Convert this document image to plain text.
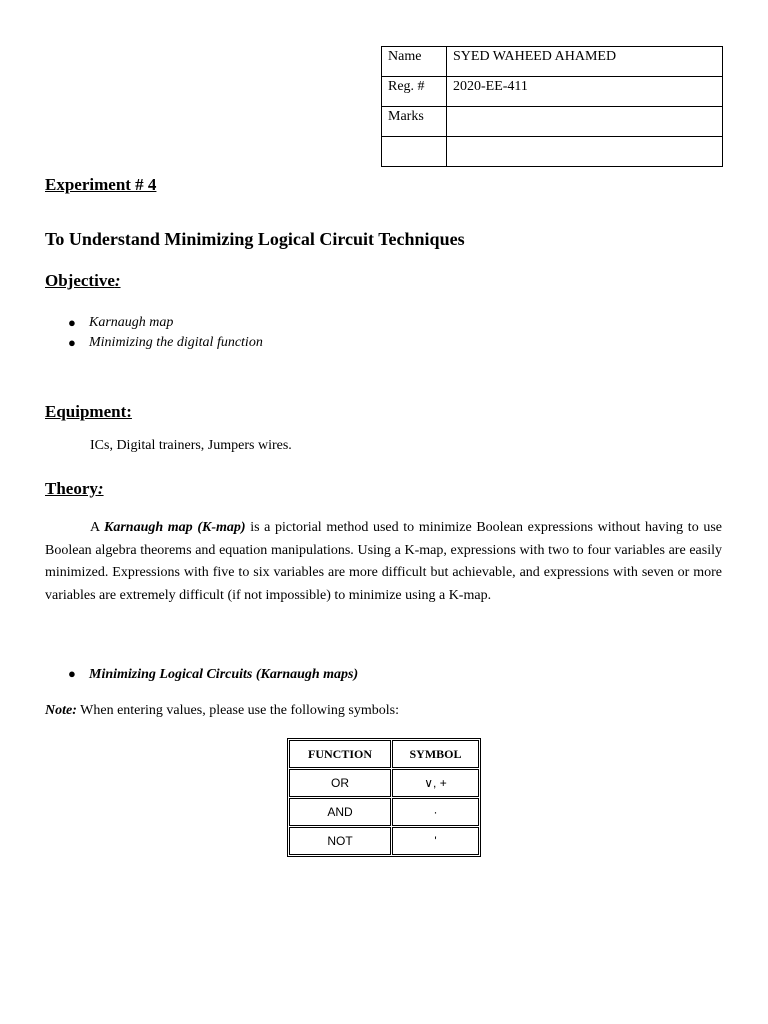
Name	SYED WAHEED AHAMED
Reg. #	2020-EE-411
Marks	

Experiment # 4
To Understand Minimizing Logical Circuit Techniques
Objective:
● Karnaugh map
● Minimizing the digital function
Equipment:
ICs, Digital trainers, Jumpers wires.
Theory:

A Karnaugh map (K-map) is a pictorial method used to minimize Boolean expressions without having to use Boolean algebra theorems and equation manipulations. Using a K-map, expressions with two to four variables are easily minimized. Expressions with five to six variables are more difficult but achievable, and expressions with seven or more variables are extremely difficult (if not impossible) to minimize using a K-map.

● Minimizing Logical Circuits (Karnaugh maps)
Note: When entering values, please use the following symbols:
FUNCTION	SYMBOL
OR	∨, +
AND	·
NOT	'
